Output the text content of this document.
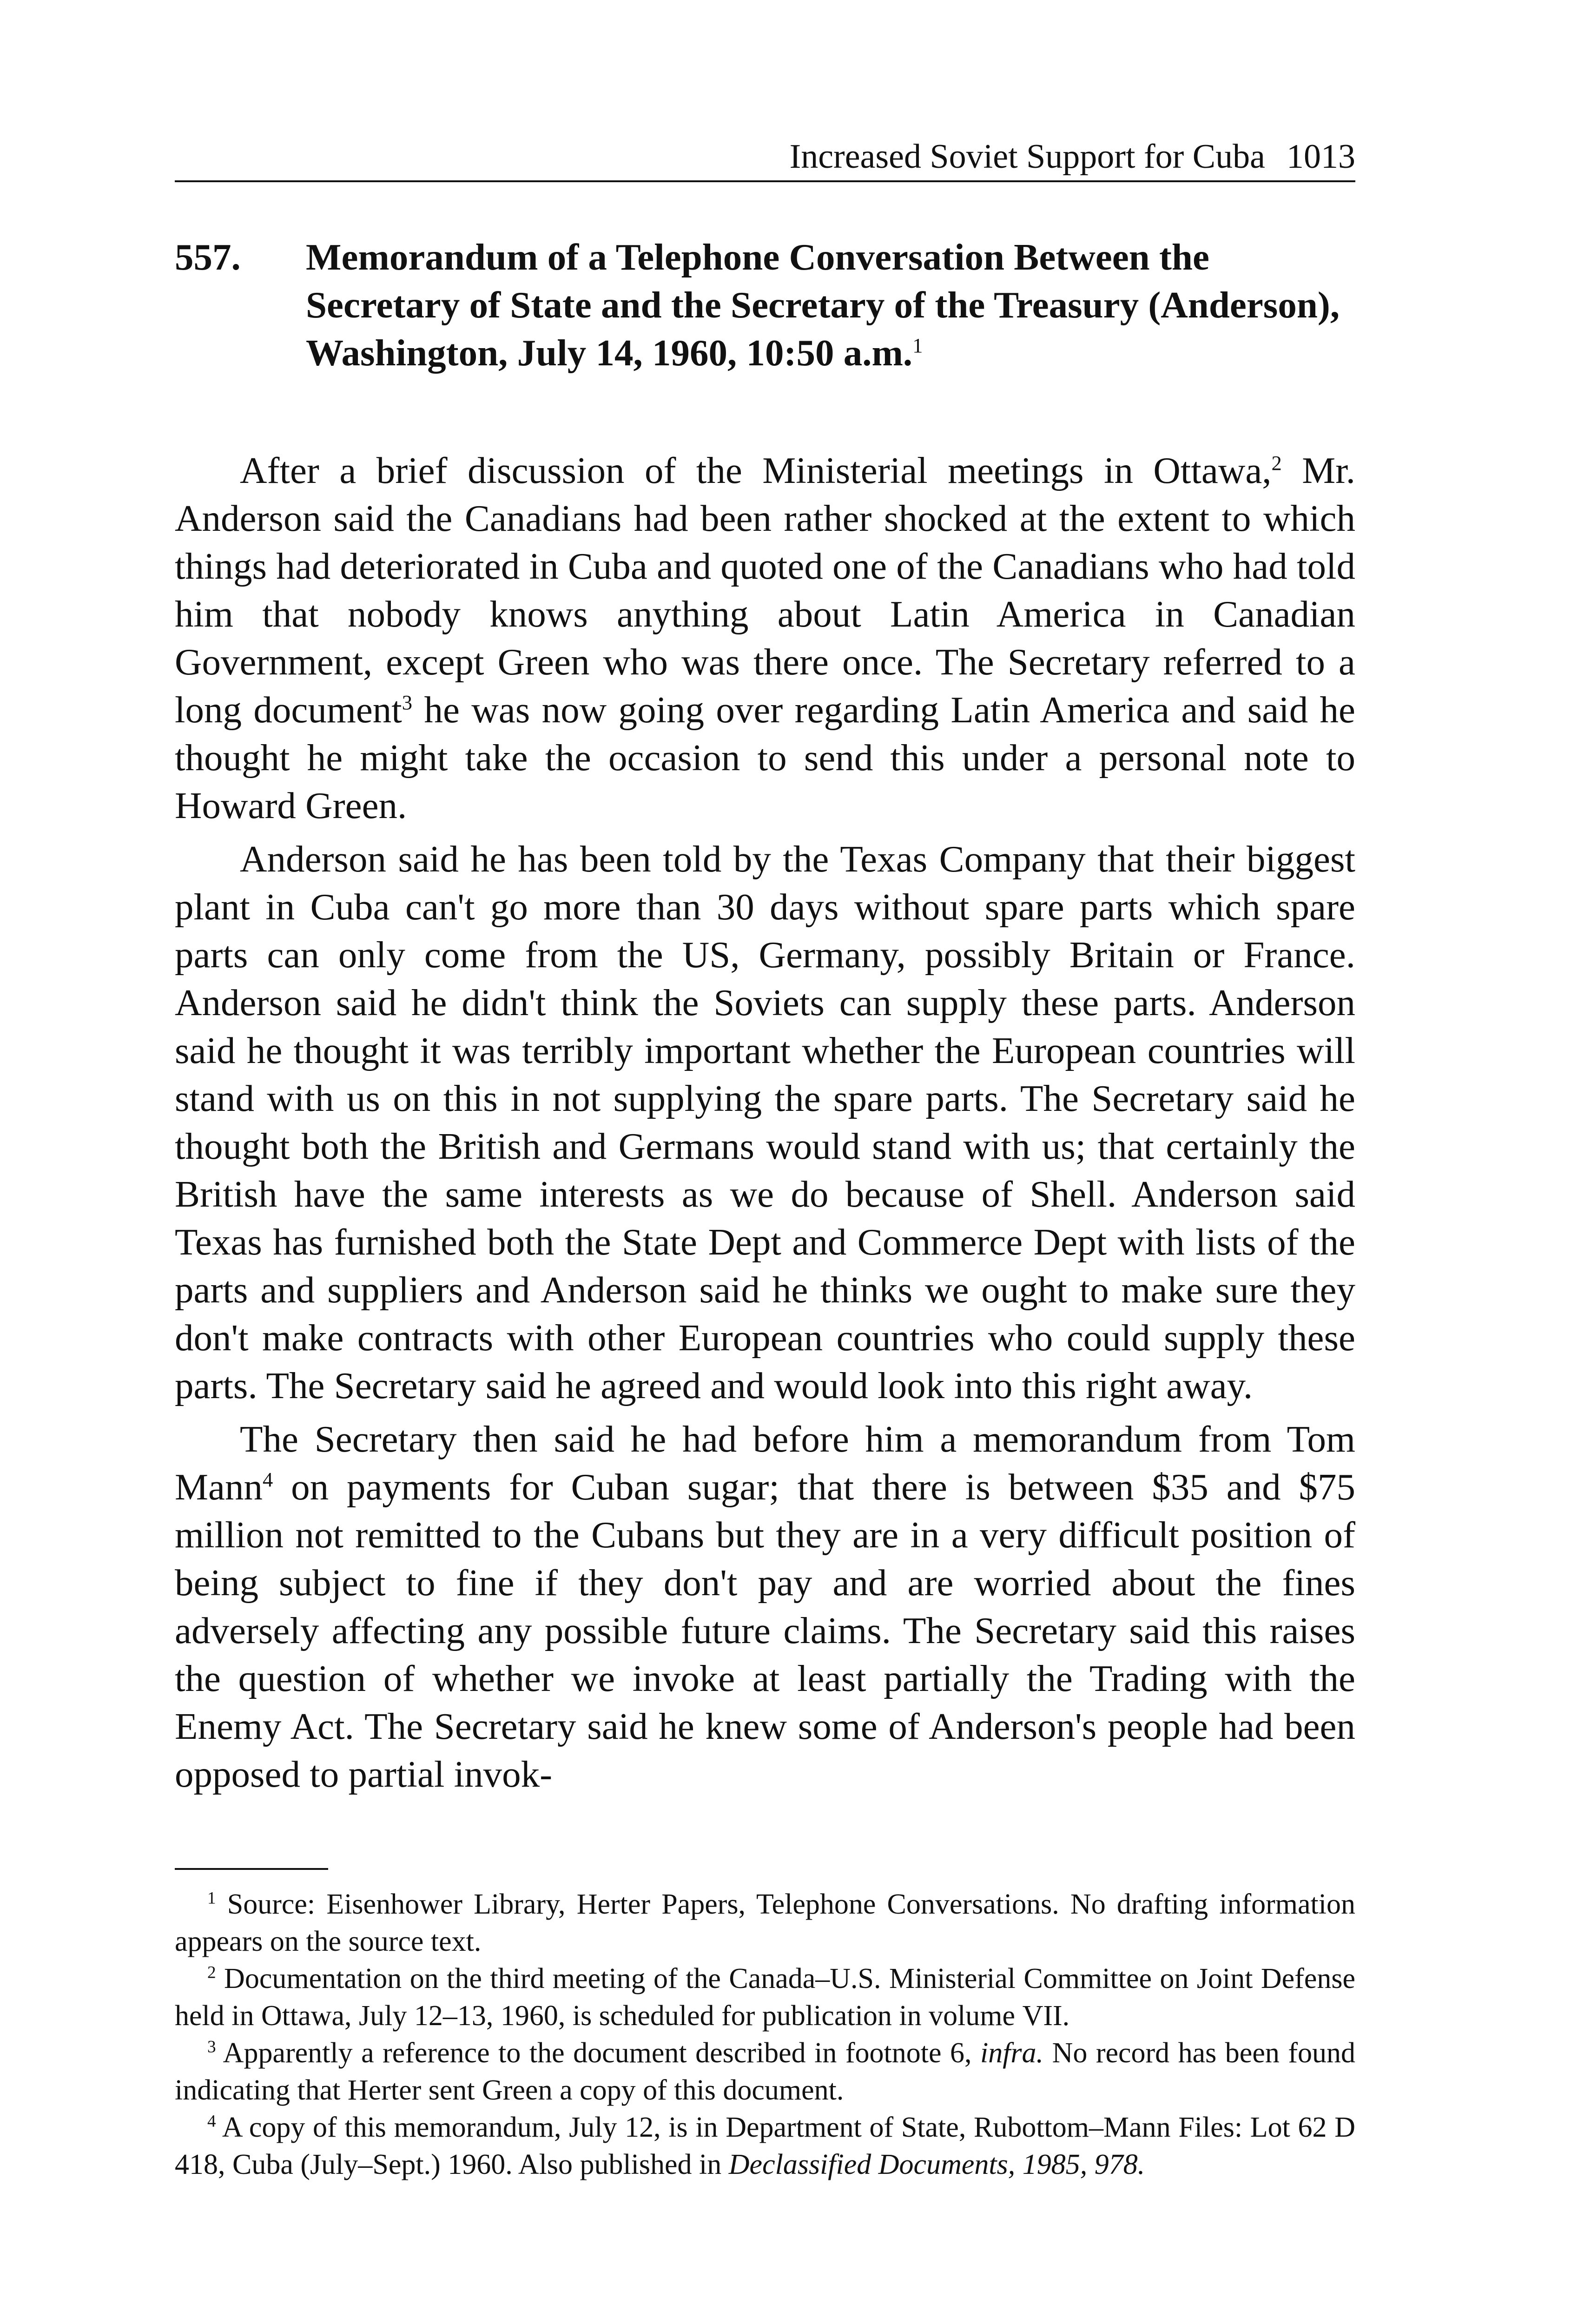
Increased Soviet Support for Cuba 1013
557.	Memorandum of a Telephone Conversation Between the Secretary of State and the Secretary of the Treasury (Anderson), Washington, July 14, 1960, 10:50 a.m.$^1$

After a brief discussion of the Ministerial meetings in Ottawa,$^2$ Mr. Anderson said the Canadians had been rather shocked at the extent to which things had deteriorated in Cuba and quoted one of the Canadians who had told him that nobody knows anything about Latin America in Canadian Government, except Green who was there once. The Secretary referred to a long document$^3$ he was now going over regarding Latin America and said he thought he might take the occasion to send this under a personal note to Howard Green.

Anderson said he has been told by the Texas Company that their biggest plant in Cuba can't go more than 30 days without spare parts which spare parts can only come from the US, Germany, possibly Britain or France. Anderson said he didn't think the Soviets can supply these parts. Anderson said he thought it was terribly important whether the European countries will stand with us on this in not supplying the spare parts. The Secretary said he thought both the British and Germans would stand with us; that certainly the British have the same interests as we do because of Shell. Anderson said Texas has furnished both the State Dept and Commerce Dept with lists of the parts and suppliers and Anderson said he thinks we ought to make sure they don't make contracts with other European countries who could supply these parts. The Secretary said he agreed and would look into this right away.

The Secretary then said he had before him a memorandum from Tom Mann$^4$ on payments for Cuban sugar; that there is between $35 and $75 million not remitted to the Cubans but they are in a very difficult position of being subject to fine if they don't pay and are worried about the fines adversely affecting any possible future claims. The Secretary said this raises the question of whether we invoke at least partially the Trading with the Enemy Act. The Secretary said he knew some of Anderson's people had been opposed to partial invok-

$^1$ Source: Eisenhower Library, Herter Papers, Telephone Conversations. No drafting information appears on the source text.

$^2$ Documentation on the third meeting of the Canada–U.S. Ministerial Committee on Joint Defense held in Ottawa, July 12–13, 1960, is scheduled for publication in volume VII.

$^3$ Apparently a reference to the document described in footnote 6, infra. No record has been found indicating that Herter sent Green a copy of this document.

$^4$ A copy of this memorandum, July 12, is in Department of State, Rubottom–Mann Files: Lot 62 D 418, Cuba (July–Sept.) 1960. Also published in Declassified Documents, 1985, 978.
